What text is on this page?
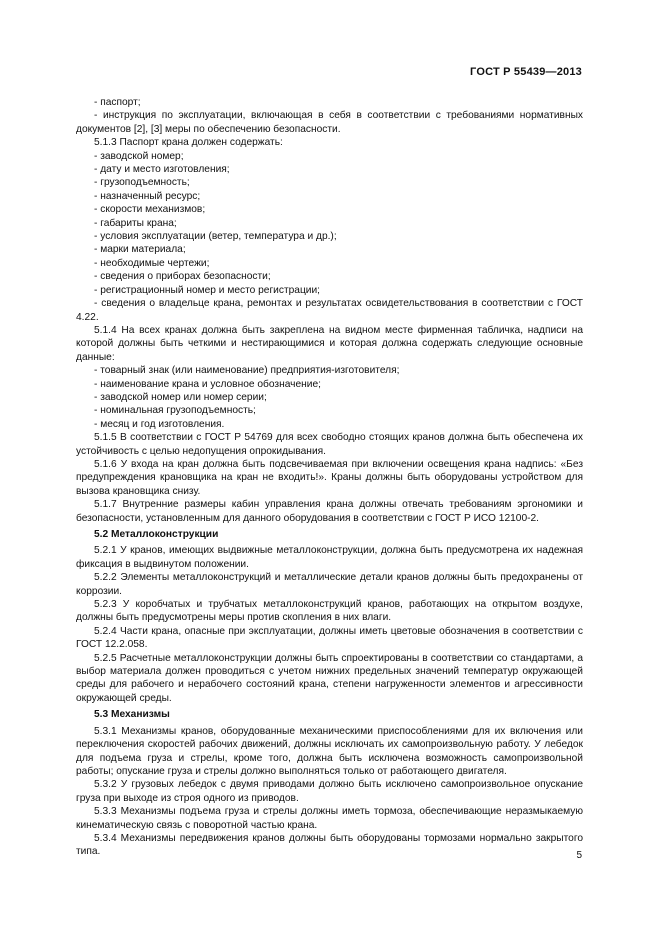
ГОСТ Р 55439—2013

- паспорт;

- инструкция по эксплуатации, включающая в себя в соответствии с требованиями нормативных документов [2], [3] меры по обеспечению безопасности.

5.1.3 Паспорт крана должен содержать:

- заводской номер;

- дату и место изготовления;

- грузоподъемность;

- назначенный ресурс;

- скорости механизмов;

- габариты крана;

- условия эксплуатации (ветер, температура и др.);

- марки материала;

- необходимые чертежи;

- сведения о приборах безопасности;

- регистрационный номер и место регистрации;

- сведения о владельце крана, ремонтах и результатах освидетельствования в соответствии с ГОСТ 4.22.

5.1.4 На всех кранах должна быть закреплена на видном месте фирменная табличка, надписи на которой должны быть четкими и нестирающимися и которая должна содержать следующие основные данные:

- товарный знак (или наименование) предприятия-изготовителя;

- наименование крана и условное обозначение;

- заводской номер или номер серии;

- номинальная грузоподъемность;

- месяц и год изготовления.

5.1.5 В соответствии с ГОСТ Р 54769 для всех свободно стоящих кранов должна быть обеспечена их устойчивость с целью недопущения опрокидывания.

5.1.6 У входа на кран должна быть подсвечиваемая при включении освещения крана надпись: «Без предупреждения крановщика на кран не входить!». Краны должны быть оборудованы устройством для вызова крановщика снизу.

5.1.7 Внутренние размеры кабин управления крана должны отвечать требованиям эргономики и безопасности, установленным для данного оборудования в соответствии с ГОСТ Р ИСО 12100-2.

5.2 Металлоконструкции

5.2.1 У кранов, имеющих выдвижные металлоконструкции, должна быть предусмотрена их надежная фиксация в выдвинутом положении.

5.2.2 Элементы металлоконструкций и металлические детали кранов должны быть предохранены от коррозии.

5.2.3 У коробчатых и трубчатых металлоконструкций кранов, работающих на открытом воздухе, должны быть предусмотрены меры против скопления в них влаги.

5.2.4 Части крана, опасные при эксплуатации, должны иметь цветовые обозначения в соответствии с ГОСТ 12.2.058.

5.2.5 Расчетные металлоконструкции должны быть спроектированы в соответствии со стандартами, а выбор материала должен проводиться с учетом нижних предельных значений температур окружающей среды для рабочего и нерабочего состояний крана, степени нагруженности элементов и агрессивности окружающей среды.

5.3 Механизмы

5.3.1 Механизмы кранов, оборудованные механическими приспособлениями для их включения или переключения скоростей рабочих движений, должны исключать их самопроизвольную работу. У лебедок для подъема груза и стрелы, кроме того, должна быть исключена возможность самопроизвольной работы; опускание груза и стрелы должно выполняться только от работающего двигателя.

5.3.2 У грузовых лебедок с двумя приводами должно быть исключено самопроизвольное опускание груза при выходе из строя одного из приводов.

5.3.3 Механизмы подъема груза и стрелы должны иметь тормоза, обеспечивающие неразмыкаемую кинематическую связь с поворотной частью крана.

5.3.4 Механизмы передвижения кранов должны быть оборудованы тормозами нормально закрытого типа.	5
